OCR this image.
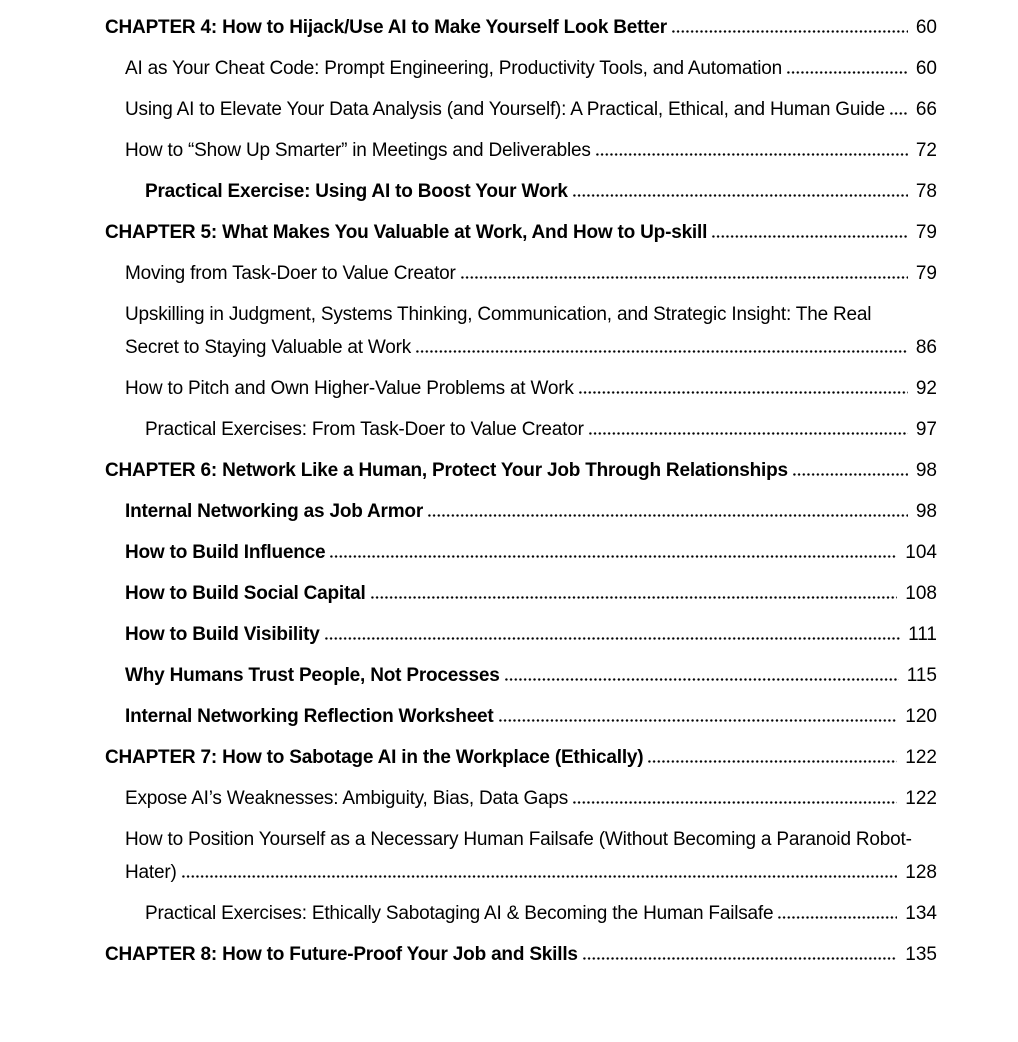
CHAPTER 4: How to Hijack/Use AI to Make Yourself Look Better	60
AI as Your Cheat Code: Prompt Engineering, Productivity Tools, and Automation	60
Using AI to Elevate Your Data Analysis (and Yourself): A Practical, Ethical, and Human Guide 66
How to “Show Up Smarter” in Meetings and Deliverables	72
Practical Exercise: Using AI to Boost Your Work	78
CHAPTER 5: What Makes You Valuable at Work, And How to Up-skill	79
Moving from Task-Doer to Value Creator	79
Upskilling in Judgment, Systems Thinking, Communication, and Strategic Insight: The Real Secret to Staying Valuable at Work	86
How to Pitch and Own Higher-Value Problems at Work	92
Practical Exercises: From Task-Doer to Value Creator	97
CHAPTER 6: Network Like a Human, Protect Your Job Through Relationships	98
Internal Networking as Job Armor	98
How to Build Influence	104
How to Build Social Capital	108
How to Build Visibility	111
Why Humans Trust People, Not Processes	115
Internal Networking Reflection Worksheet	120
CHAPTER 7: How to Sabotage AI in the Workplace (Ethically)	122
Expose AI’s Weaknesses: Ambiguity, Bias, Data Gaps	122
How to Position Yourself as a Necessary Human Failsafe (Without Becoming a Paranoid Robot-Hater)	128
Practical Exercises: Ethically Sabotaging AI & Becoming the Human Failsafe	134
CHAPTER 8: How to Future-Proof Your Job and Skills	135
